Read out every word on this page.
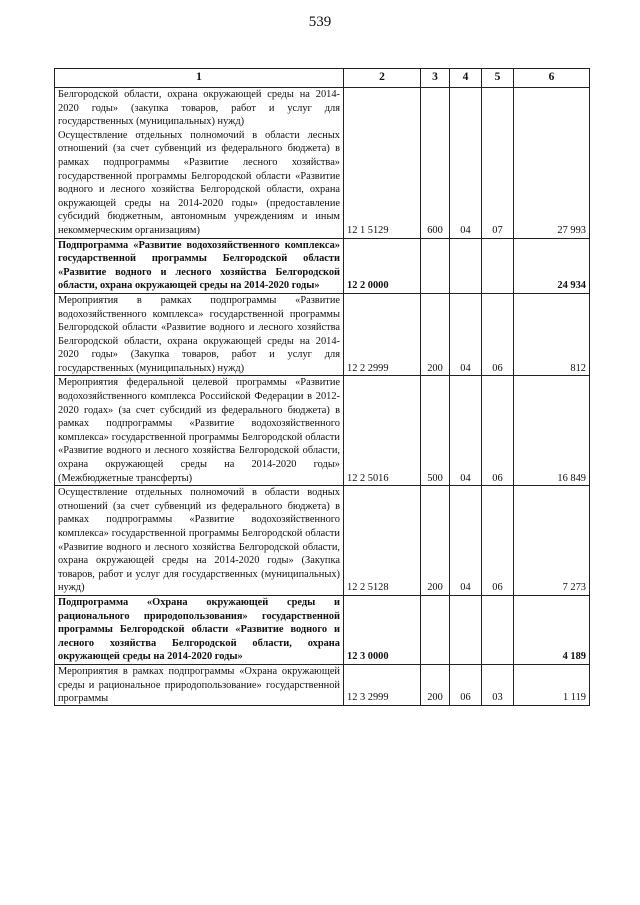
539
1	2	3	4	5	6

Белгородской области, охрана окружающей среды на 2014-2020 годы» (закупка товаров, работ и услуг для государственных (муниципальных) нужд)

Осуществление отдельных полномочий в области лесных отношений (за счет субвенций из федерального бюджета) в рамках подпрограммы «Развитие лесного хозяйства» государственной программы Белгородской области «Развитие водного и лесного хозяйства Белгородской области, охрана окружающей среды на 2014-2020 годы» (предоставление субсидий бюджетным, автономным учреждениям и иным некоммерческим организациям)	12 1 5129	600	04	07	27 993

Подпрограмма «Развитие водохозяйственного комплекса» государственной программы Белгородской области «Развитие водного и лесного хозяйства Белгородской области, охрана окружающей среды на 2014-2020 годы»	12 2 0000				24 934

Мероприятия в рамках подпрограммы «Развитие водохозяйственного комплекса» государственной программы Белгородской области «Развитие водного и лесного хозяйства Белгородской области, охрана окружающей среды на 2014-2020 годы» (Закупка товаров, работ и услуг для государственных (муниципальных) нужд)	12 2 2999	200	04	06	812

Мероприятия федеральной целевой программы «Развитие водохозяйственного комплекса Российской Федерации в 2012-2020 годах» (за счет субсидий из федерального бюджета) в рамках подпрограммы «Развитие водохозяйственного комплекса» государственной программы Белгородской области «Развитие водного и лесного хозяйства Белгородской области, охрана окружающей среды на 2014-2020 годы» (Межбюджетные трансферты)	12 2 5016	500	04	06	16 849

Осуществление отдельных полномочий в области водных отношений (за счет субвенций из федерального бюджета) в рамках подпрограммы «Развитие водохозяйственного комплекса» государственной программы Белгородской области «Развитие водного и лесного хозяйства Белгородской области, охрана окружающей среды на 2014-2020 годы» (Закупка товаров, работ и услуг для государственных (муниципальных) нужд)	12 2 5128	200	04	06	7 273

Подпрограмма «Охрана окружающей среды и рационального природопользования» государственной программы Белгородской области «Развитие водного и лесного хозяйства Белгородской области, охрана окружающей среды на 2014-2020 годы»	12 3 0000				4 189

Мероприятия в рамках подпрограммы «Охрана окружающей среды и рациональное природопользование» государственной программы	12 3 2999	200	06	03	1 119
